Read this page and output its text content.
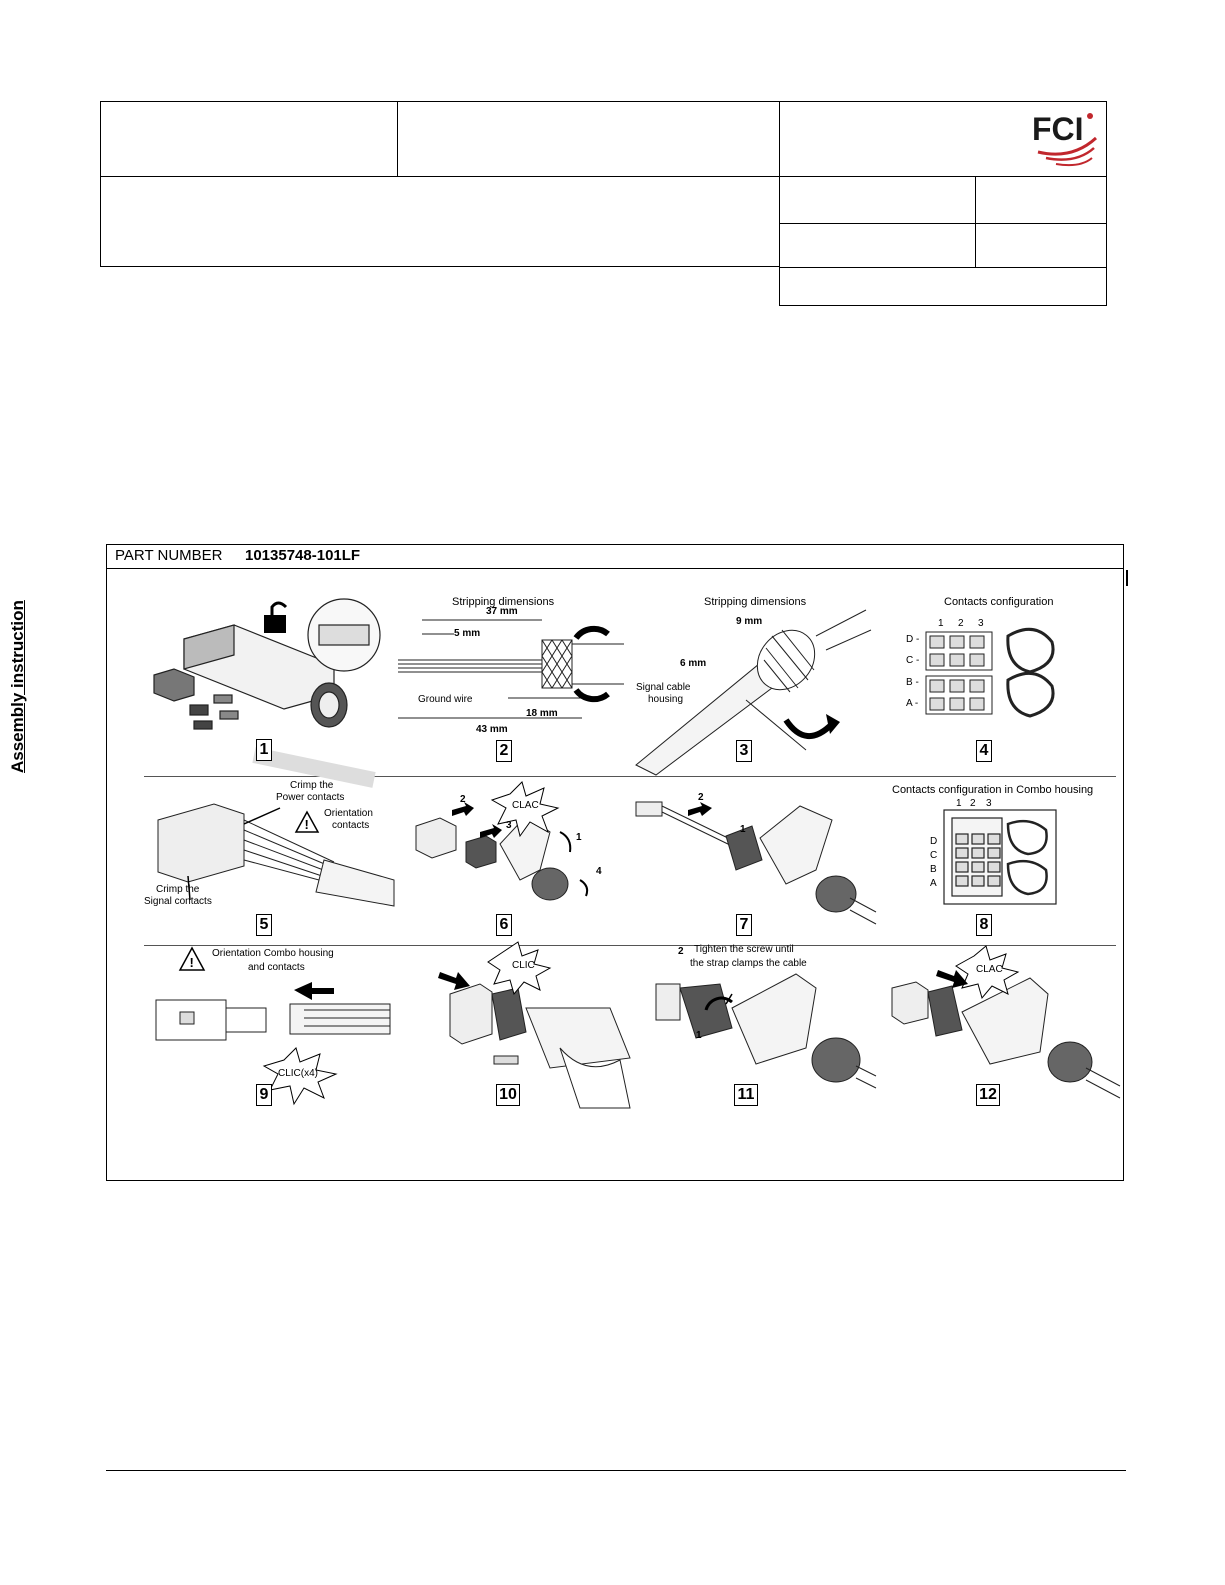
FCI
PART NUMBER 10135748-101LF
Assembly instruction	1
Stripping dimensions
37 mm
5 mm
Ground wire
18 mm
43 mm
2
Stripping dimensions
9 mm
6 mm
Signal cable
housing
3
Contacts configuration
1 2 3
D -
C -
B -
A -
4
!
Crimp the
Power contacts
Orientation
contacts
Crimp the
Signal contacts
5
CLAC
2
3
1
4
6
2
1
7
Contacts configuration in Combo housing
1 2 3
D
C
B
A
8
!
Orientation Combo housing
and contacts
CLIC(x4)
9
CLIC
10
2 Tighten the screw until
the strap clamps the cable
1
11
CLAC
12
